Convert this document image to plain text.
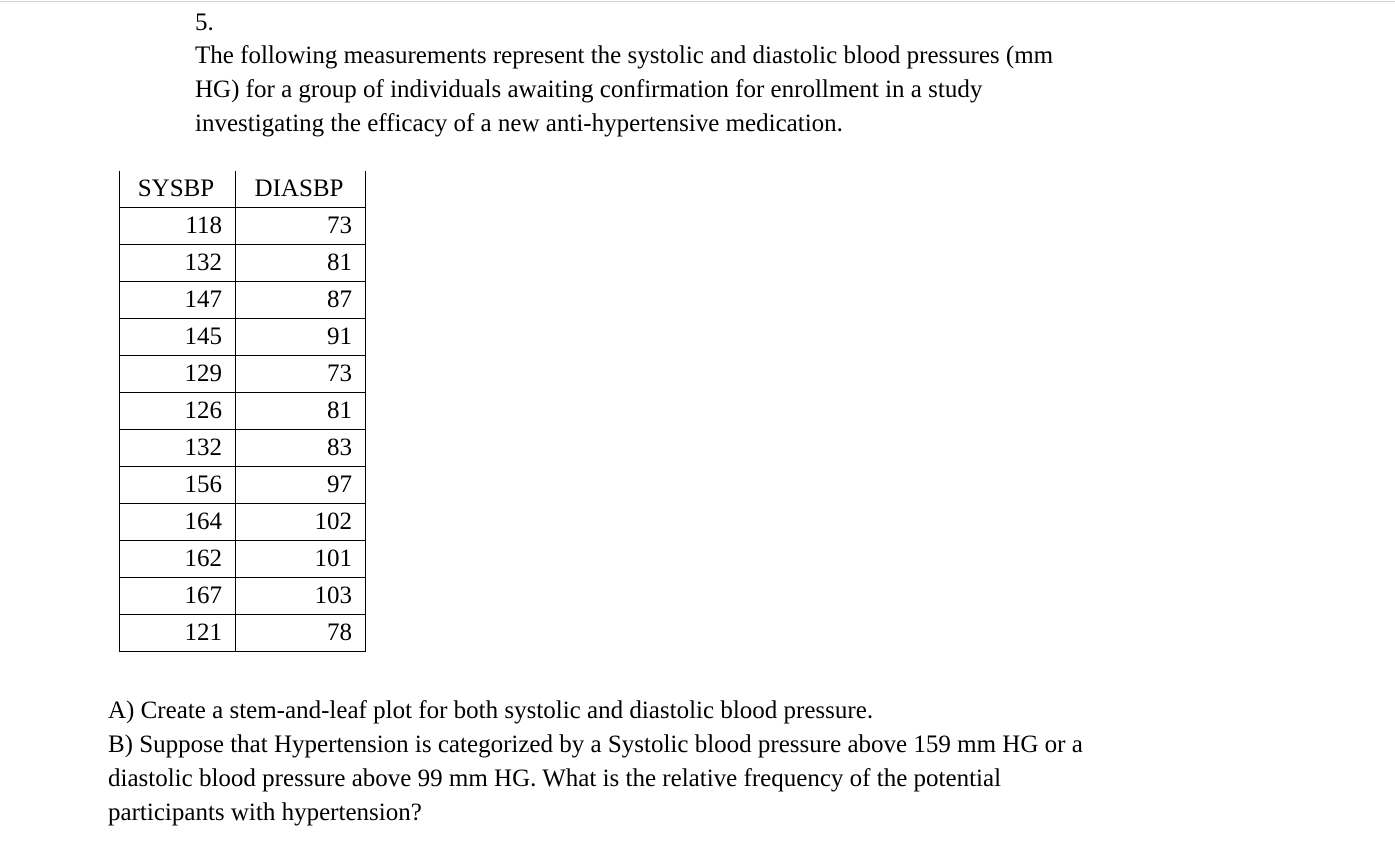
5.
The following measurements represent the systolic and diastolic blood pressures (mm
HG) for a group of individuals awaiting confirmation for enrollment in a study
investigating the efficacy of a new anti-hypertensive medication.
SYSBP	DIASBP
118	73
132	81
147	87
145	91
129	73
126	81
132	83
156	97
164	102
162	101
167	103
121	78
A) Create a stem-and-leaf plot for both systolic and diastolic blood pressure.
B) Suppose that Hypertension is categorized by a Systolic blood pressure above 159 mm HG or a
diastolic blood pressure above 99 mm HG. What is the relative frequency of the potential
participants with hypertension?
